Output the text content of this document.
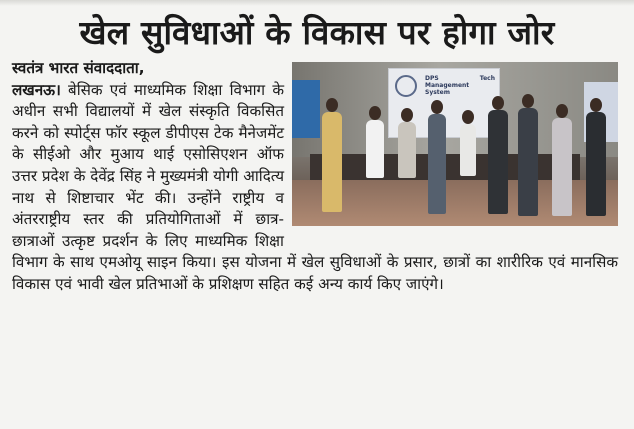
खेल सुविधाओं के विकास पर होगा जोर
DPS Tech Management System
स्वतंत्र भारत संवाददाता,
लखनऊ। बेसिक एवं माध्यमिक शिक्षा विभाग के अधीन सभी विद्यालयों में खेल संस्कृति विकसित करने को स्पोर्ट्स फॉर स्कूल डीपीएस टेक मैनेजमेंट के सीईओ और मुआय थाई एसोसिएशन ऑफ उत्तर प्रदेश के देवेंद्र सिंह ने मुख्यमंत्री योगी आदित्य नाथ से शिष्टाचार भेंट की। उन्होंने राष्ट्रीय व अंतरराष्ट्रीय स्तर की प्रतियोगिताओं में छात्र-छात्राओं उत्कृष्ट प्रदर्शन के लिए माध्यमिक शिक्षा विभाग के साथ एमओयू साइन किया। इस योजना में खेल सुविधाओं के प्रसार, छात्रों का शारीरिक एवं मानसिक विकास एवं भावी खेल प्रतिभाओं के प्रशिक्षण सहित कई अन्य कार्य किए जाएंगे।
